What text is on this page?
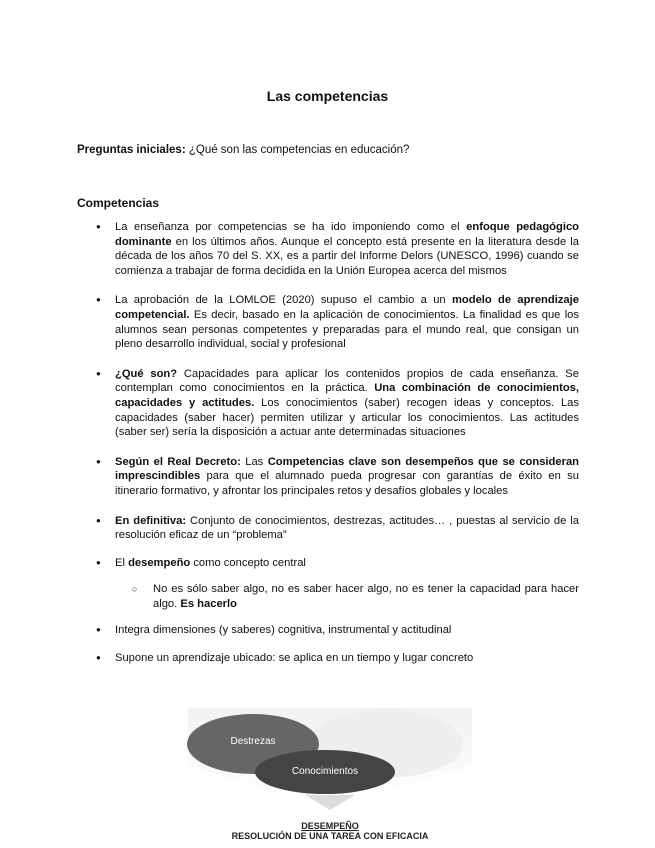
Las competencias
Preguntas iniciales: ¿Qué son las competencias en educación?
Competencias
● La enseñanza por competencias se ha ido imponiendo como el enfoque pedagógico dominante en los últimos años. Aunque el concepto está presente en la literatura desde la década de los años 70 del S. XX, es a partir del Informe Delors (UNESCO, 1996) cuando se comienza a trabajar de forma decidida en la Unión Europea acerca del mismos
● La aprobación de la LOMLOE (2020) supuso el cambio a un modelo de aprendizaje competencial. Es decir, basado en la aplicación de conocimientos. La finalidad es que los alumnos sean personas competentes y preparadas para el mundo real, que consigan un pleno desarrollo individual, social y profesional
● ¿Qué son? Capacidades para aplicar los contenidos propios de cada enseñanza. Se contemplan como conocimientos en la práctica. Una combinación de conocimientos, capacidades y actitudes. Los conocimientos (saber) recogen ideas y conceptos. Las capacidades (saber hacer) permiten utilizar y articular los conocimientos. Las actitudes (saber ser) sería la disposición a actuar ante determinadas situaciones
● Según el Real Decreto: Las Competencias clave son desempeños que se consideran imprescindibles para que el alumnado pueda progresar con garantías de éxito en su itinerario formativo, y afrontar los principales retos y desafíos globales y locales
● En definitiva: Conjunto de conocimientos, destrezas, actitudes… , puestas al servicio de la resolución eficaz de un “problema”
● El desempeño como concepto central
○ No es sólo saber algo, no es saber hacer algo, no es tener la capacidad para hacer algo. Es hacerlo
● Integra dimensiones (y saberes) cognitiva, instrumental y actitudinal
● Supone un aprendizaje ubicado: se aplica en un tiempo y lugar concreto
Destrezas
Conocimientos
DESEMPEÑO
RESOLUCIÓN DE UNA TAREA CON EFICACIA
